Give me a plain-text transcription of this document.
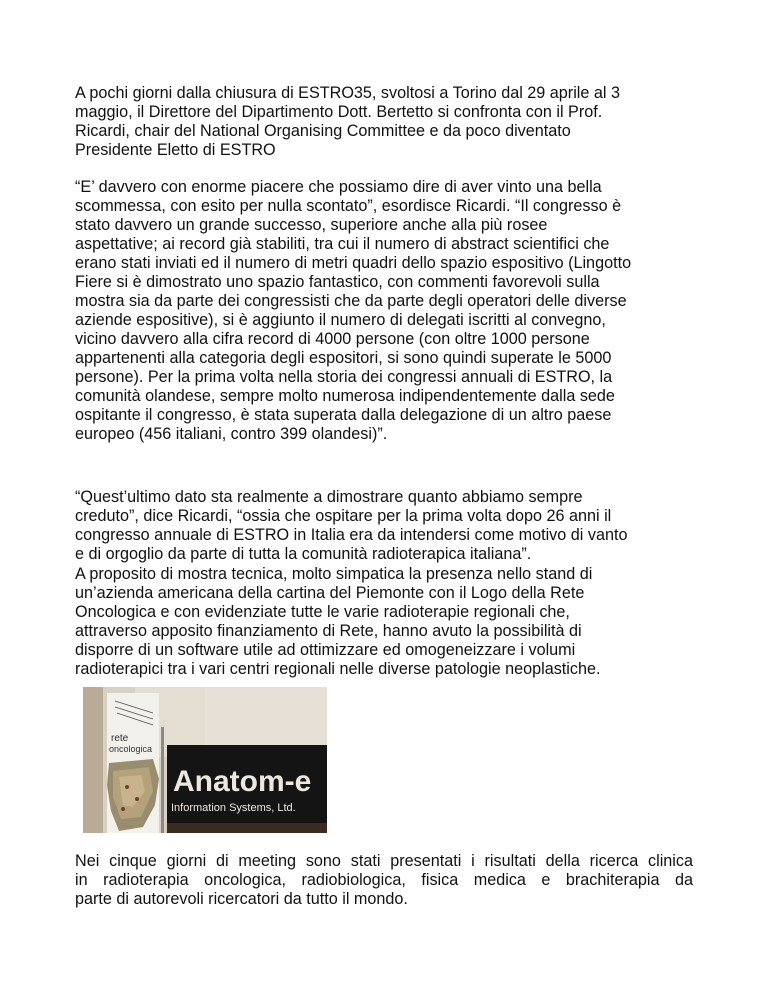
A pochi giorni dalla chiusura di ESTRO35, svoltosi a Torino dal 29 aprile al 3
maggio, il Direttore del Dipartimento Dott. Bertetto si confronta con il Prof.
Ricardi, chair del National Organising Committee e da poco diventato
Presidente Eletto di ESTRO

“E’ davvero con enorme piacere che possiamo dire di aver vinto una bella
scommessa, con esito per nulla scontato”, esordisce Ricardi. “Il congresso è
stato davvero un grande successo, superiore anche alla più rosee
aspettative; ai record già stabiliti, tra cui il numero di abstract scientifici che
erano stati inviati ed il numero di metri quadri dello spazio espositivo (Lingotto
Fiere si è dimostrato uno spazio fantastico, con commenti favorevoli sulla
mostra sia da parte dei congressisti che da parte degli operatori delle diverse
aziende espositive), si è aggiunto il numero di delegati iscritti al convegno,
vicino davvero alla cifra record di 4000 persone (con oltre 1000 persone
appartenenti alla categoria degli espositori, si sono quindi superate le 5000
persone). Per la prima volta nella storia dei congressi annuali di ESTRO, la
comunità olandese, sempre molto numerosa indipendentemente dalla sede
ospitante il congresso, è stata superata dalla delegazione di un altro paese
europeo (456 italiani, contro 399 olandesi)”.

“Quest’ultimo dato sta realmente a dimostrare quanto abbiamo sempre
creduto”, dice Ricardi, “ossia che ospitare per la prima volta dopo 26 anni il
congresso annuale di ESTRO in Italia era da intendersi come motivo di vanto
e di orgoglio da parte di tutta la comunità radioterapica italiana”.

A proposito di mostra tecnica, molto simpatica la presenza nello stand di
un’azienda americana della cartina del Piemonte con il Logo della Rete
Oncologica e con evidenziate tutte le varie radioterapie regionali che,
attraverso apposito finanziamento di Rete, hanno avuto la possibilità di
disporre di un software utile ad ottimizzare ed omogeneizzare i volumi
radioterapici tra i vari centri regionali nelle diverse patologie neoplastiche.

rete
oncologica
Anatom-e
Information Systems, Ltd.

Nei cinque giorni di meeting sono stati presentati i risultati della ricerca clinica
in radioterapia oncologica, radiobiologica, fisica medica e brachiterapia da
parte di autorevoli ricercatori da tutto il mondo.
